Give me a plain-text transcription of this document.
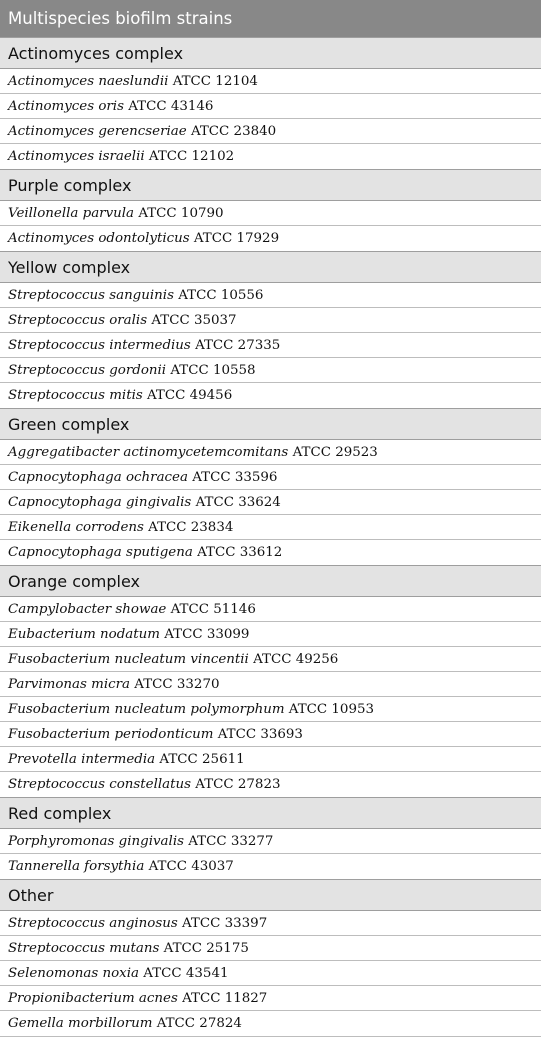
Multispecies biofilm strains
Actinomyces complex
Actinomyces naeslundii ATCC 12104
Actinomyces oris ATCC 43146
Actinomyces gerencseriae ATCC 23840
Actinomyces israelii ATCC 12102
Purple complex
Veillonella parvula ATCC 10790
Actinomyces odontolyticus ATCC 17929
Yellow complex
Streptococcus sanguinis ATCC 10556
Streptococcus oralis ATCC 35037
Streptococcus intermedius ATCC 27335
Streptococcus gordonii ATCC 10558
Streptococcus mitis ATCC 49456
Green complex
Aggregatibacter actinomycetemcomitans ATCC 29523
Capnocytophaga ochracea ATCC 33596
Capnocytophaga gingivalis ATCC 33624
Eikenella corrodens ATCC 23834
Capnocytophaga sputigena ATCC 33612
Orange complex
Campylobacter showae ATCC 51146
Eubacterium nodatum ATCC 33099
Fusobacterium nucleatum vincentii ATCC 49256
Parvimonas micra ATCC 33270
Fusobacterium nucleatum polymorphum ATCC 10953
Fusobacterium periodonticum ATCC 33693
Prevotella intermedia ATCC 25611
Streptococcus constellatus ATCC 27823
Red complex
Porphyromonas gingivalis ATCC 33277
Tannerella forsythia ATCC 43037
Other
Streptococcus anginosus ATCC 33397
Streptococcus mutans ATCC 25175
Selenomonas noxia ATCC 43541
Propionibacterium acnes ATCC 11827
Gemella morbillorum ATCC 27824
